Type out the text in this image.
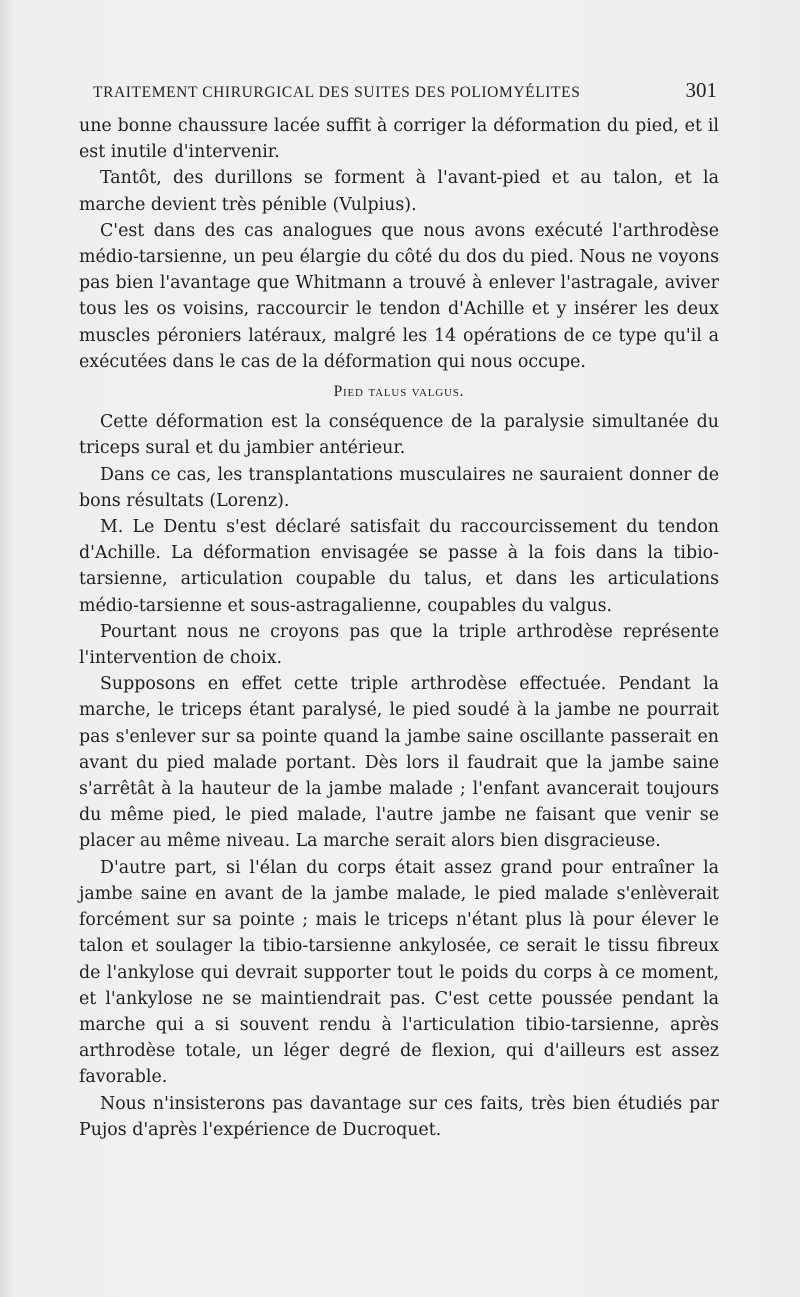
TRAITEMENT CHIRURGICAL DES SUITES DES POLIOMYÉLITES	301

une bonne chaussure lacée suffit à corriger la déformation du pied, et il est inutile d'intervenir.

Tantôt, des durillons se forment à l'avant-pied et au talon, et la marche devient très pénible (Vulpius).

C'est dans des cas analogues que nous avons exécuté l'arthrodèse médio-tarsienne, un peu élargie du côté du dos du pied. Nous ne voyons pas bien l'avantage que Whitmann a trouvé à enlever l'astragale, aviver tous les os voisins, raccourcir le tendon d'Achille et y insérer les deux muscles péroniers latéraux, malgré les 14 opérations de ce type qu'il a exécutées dans le cas de la déformation qui nous occupe.

Pied talus valgus.

Cette déformation est la conséquence de la paralysie simultanée du triceps sural et du jambier antérieur.

Dans ce cas, les transplantations musculaires ne sauraient donner de bons résultats (Lorenz).

M. Le Dentu s'est déclaré satisfait du raccourcissement du tendon d'Achille. La déformation envisagée se passe à la fois dans la tibio-tarsienne, articulation coupable du talus, et dans les articulations médio-tarsienne et sous-astragalienne, coupables du valgus.

Pourtant nous ne croyons pas que la triple arthrodèse représente l'intervention de choix.

Supposons en effet cette triple arthrodèse effectuée. Pendant la marche, le triceps étant paralysé, le pied soudé à la jambe ne pourrait pas s'enlever sur sa pointe quand la jambe saine oscillante passerait en avant du pied malade portant. Dès lors il faudrait que la jambe saine s'arrêtât à la hauteur de la jambe malade ; l'enfant avancerait toujours du même pied, le pied malade, l'autre jambe ne faisant que venir se placer au même niveau. La marche serait alors bien disgracieuse.

D'autre part, si l'élan du corps était assez grand pour entraîner la jambe saine en avant de la jambe malade, le pied malade s'enlèverait forcément sur sa pointe ; mais le triceps n'étant plus là pour élever le talon et soulager la tibio-tarsienne ankylosée, ce serait le tissu fibreux de l'ankylose qui devrait supporter tout le poids du corps à ce moment, et l'ankylose ne se maintiendrait pas. C'est cette poussée pendant la marche qui a si souvent rendu à l'articulation tibio-tarsienne, après arthrodèse totale, un léger degré de flexion, qui d'ailleurs est assez favorable.

Nous n'insisterons pas davantage sur ces faits, très bien étudiés par Pujos d'après l'expérience de Ducroquet.
